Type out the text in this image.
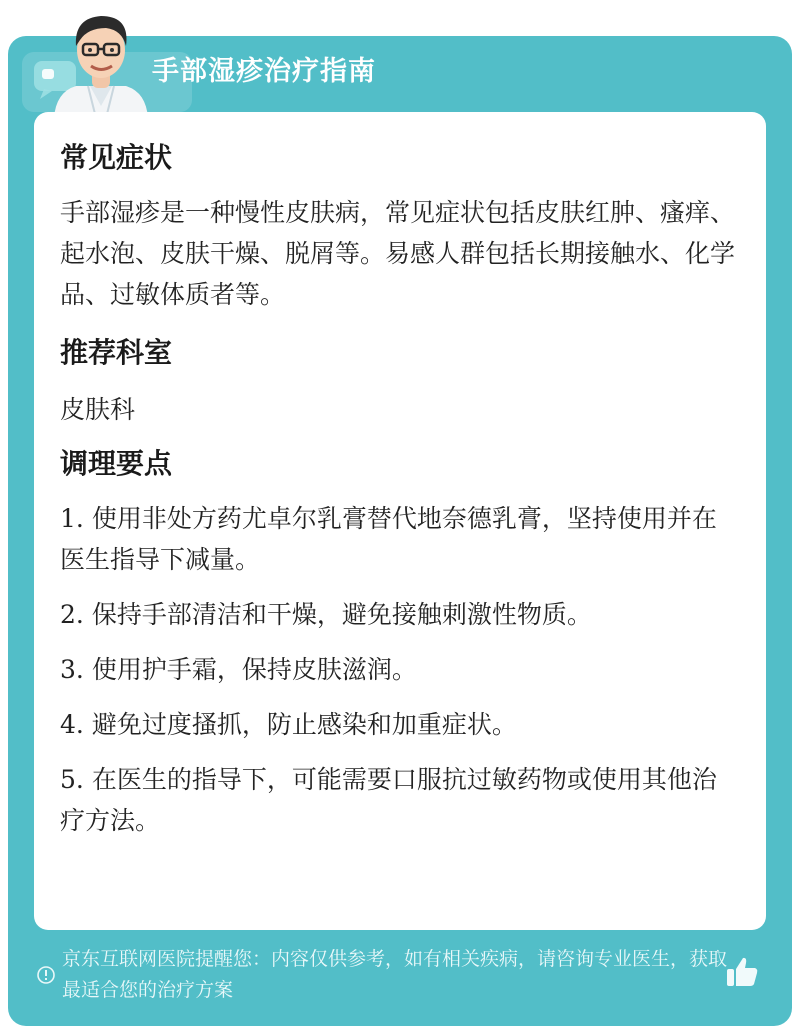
手部湿疹治疗指南
常见症状
手部湿疹是一种慢性皮肤病，常见症状包括皮肤红肿、瘙痒、起水泡、皮肤干燥、脱屑等。易感人群包括长期接触水、化学品、过敏体质者等。
推荐科室
皮肤科
调理要点
1. 使用非处方药尤卓尔乳膏替代地奈德乳膏，坚持使用并在医生指导下减量。
2. 保持手部清洁和干燥，避免接触刺激性物质。
3. 使用护手霜，保持皮肤滋润。
4. 避免过度搔抓，防止感染和加重症状。
5. 在医生的指导下，可能需要口服抗过敏药物或使用其他治疗方法。
京东互联网医院提醒您：内容仅供参考，如有相关疾病，请咨询专业医生，获取最适合您的治疗方案
